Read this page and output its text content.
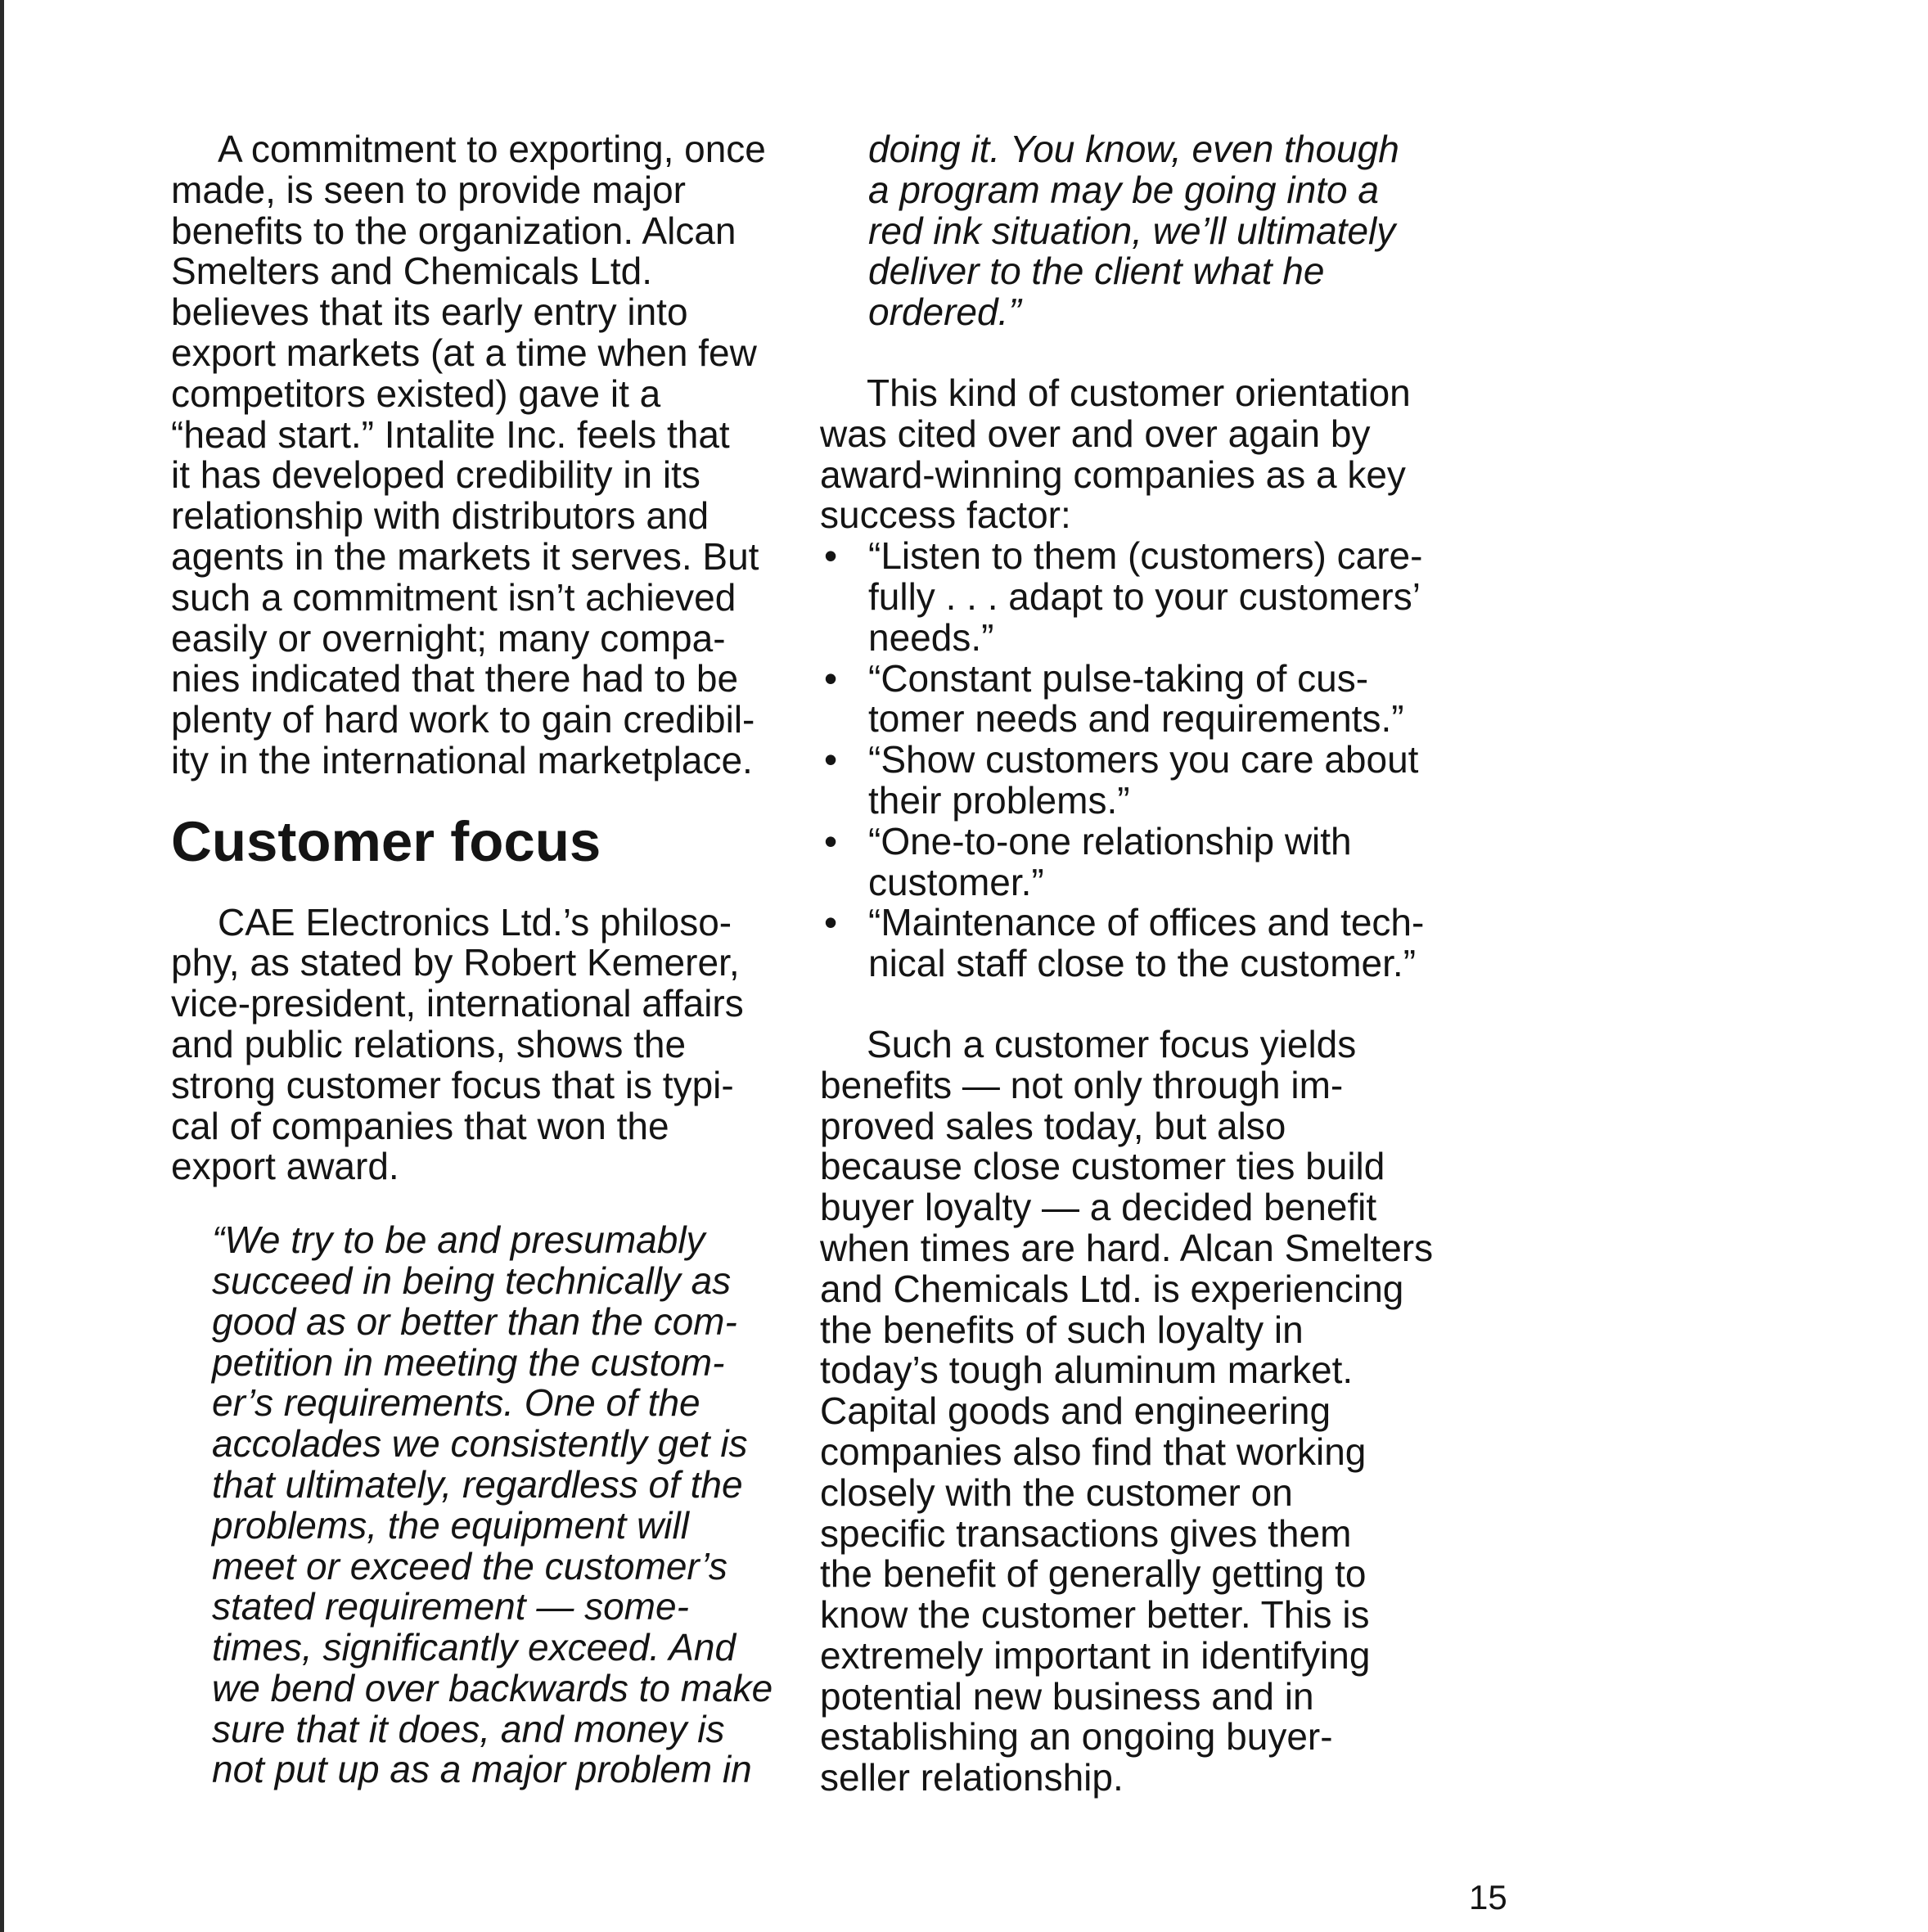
A commitment to exporting, once
made, is seen to provide major
benefits to the organization. Alcan
Smelters and Chemicals Ltd.
believes that its early entry into
export markets (at a time when few
competitors existed) gave it a
“head start.” Intalite Inc. feels that
it has developed credibility in its
relationship with distributors and
agents in the markets it serves. But
such a commitment isn’t achieved
easily or overnight; many compa-
nies indicated that there had to be
plenty of hard work to gain credibil-
ity in the international marketplace.

Customer focus

CAE Electronics Ltd.’s philoso-
phy, as stated by Robert Kemerer,
vice-president, international affairs
and public relations, shows the
strong customer focus that is typi-
cal of companies that won the
export award.

“We try to be and presumably
succeed in being technically as
good as or better than the com-
petition in meeting the custom-
er’s requirements. One of the
accolades we consistently get is
that ultimately, regardless of the
problems, the equipment will
meet or exceed the customer’s
stated requirement — some-
times, significantly exceed. And
we bend over backwards to make
sure that it does, and money is
not put up as a major problem in
doing it. You know, even though
a program may be going into a
red ink situation, we’ll ultimately
deliver to the client what he
ordered.”

This kind of customer orientation
was cited over and over again by
award-winning companies as a key
success factor:

• “Listen to them (customers) care-
fully . . . adapt to your customers’
needs.”
• “Constant pulse-taking of cus-
tomer needs and requirements.”
• “Show customers you care about
their problems.”
• “One-to-one relationship with
customer.”
• “Maintenance of offices and tech-
nical staff close to the customer.”

Such a customer focus yields
benefits — not only through im-
proved sales today, but also
because close customer ties build
buyer loyalty — a decided benefit
when times are hard. Alcan Smelters
and Chemicals Ltd. is experiencing
the benefits of such loyalty in
today’s tough aluminum market.
Capital goods and engineering
companies also find that working
closely with the customer on
specific transactions gives them
the benefit of generally getting to
know the customer better. This is
extremely important in identifying
potential new business and in
establishing an ongoing buyer-
seller relationship.

15
